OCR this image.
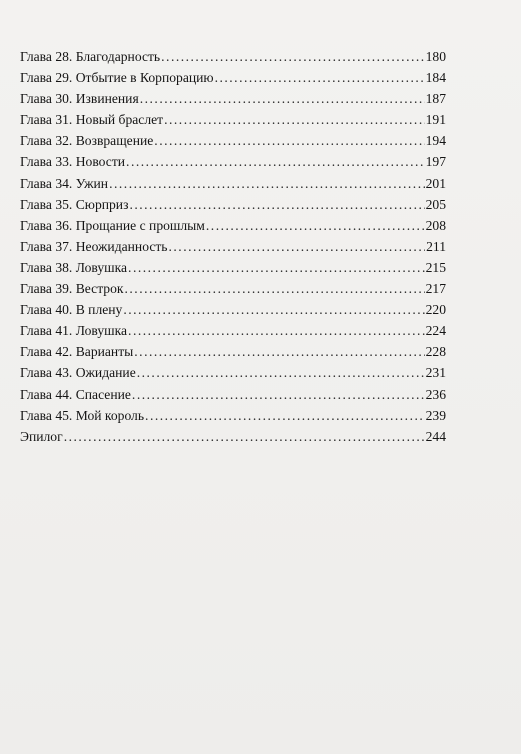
Глава 28. Благодарность .....	180
Глава 29. Отбытие в Корпорацию .....	184
Глава 30. Извинения .....	187
Глава 31. Новый браслет .....	191
Глава 32. Возвращение .....	194
Глава 33. Новости .....	197
Глава 34. Ужин .....	201
Глава 35. Сюрприз .....	205
Глава 36. Прощание с прошлым .....	208
Глава 37. Неожиданность .....	211
Глава 38. Ловушка .....	215
Глава 39. Вестрок .....	217
Глава 40. В плену .....	220
Глава 41. Ловушка .....	224
Глава 42. Варианты .....	228
Глава 43. Ожидание .....	231
Глава 44. Спасение .....	236
Глава 45. Мой король .....	239
Эпилог .....	244
